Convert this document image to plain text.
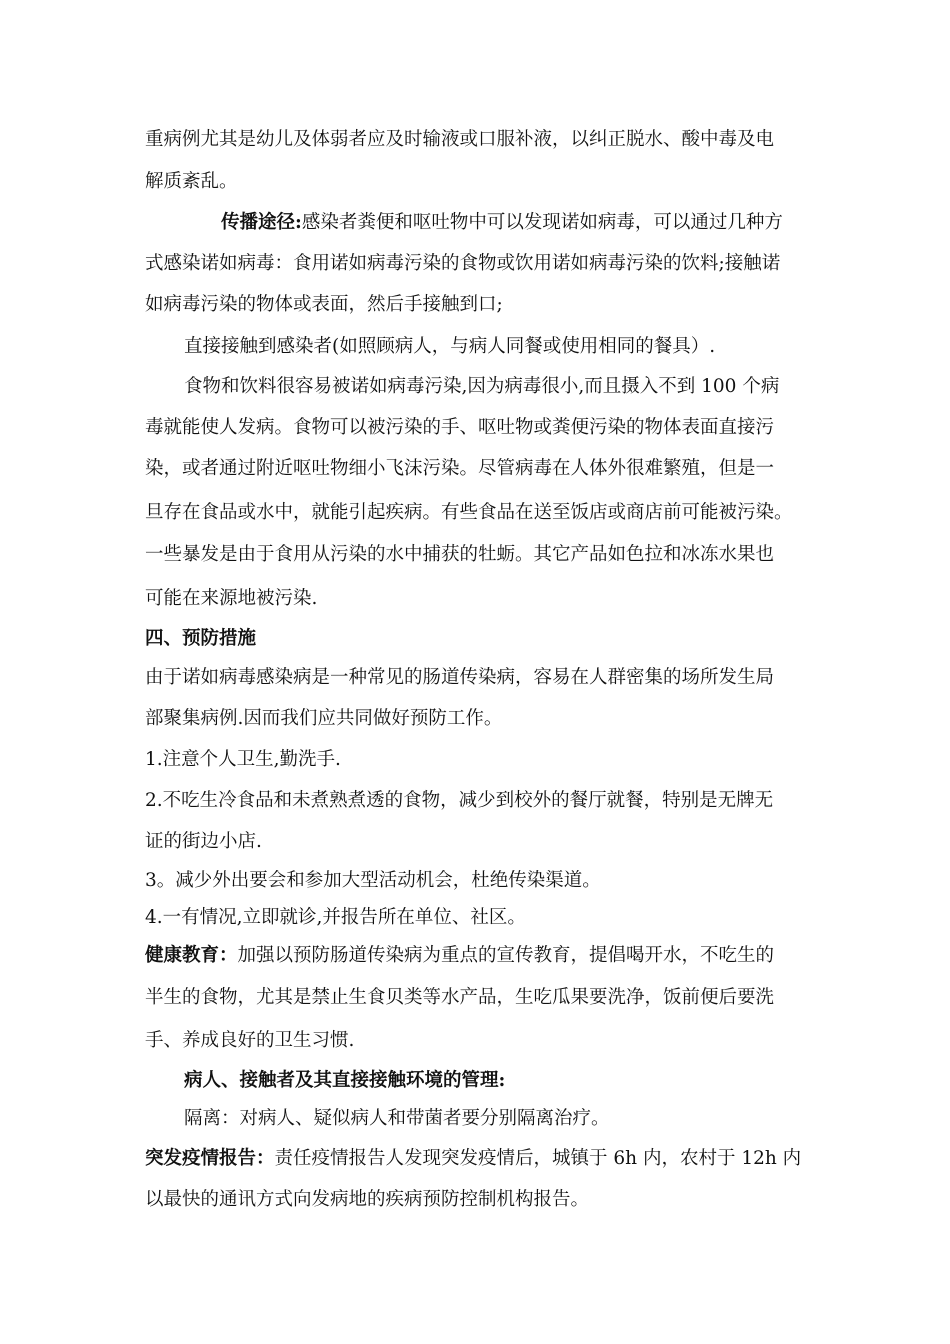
重病例尤其是幼儿及体弱者应及时输液或口服补液，以纠正脱水、酸中毒及电
解质紊乱。
传播途径:感染者粪便和呕吐物中可以发现诺如病毒，可以通过几种方
式感染诺如病毒：食用诺如病毒污染的食物或饮用诺如病毒污染的饮料;接触诺
如病毒污染的物体或表面，然后手接触到口;
直接接触到感染者(如照顾病人，与病人同餐或使用相同的餐具）.
食物和饮料很容易被诺如病毒污染,因为病毒很小,而且摄入不到 100 个病
毒就能使人发病。食物可以被污染的手、呕吐物或粪便污染的物体表面直接污
染，或者通过附近呕吐物细小飞沫污染。尽管病毒在人体外很难繁殖，但是一
旦存在食品或水中，就能引起疾病。有些食品在送至饭店或商店前可能被污染。
一些暴发是由于食用从污染的水中捕获的牡蛎。其它产品如色拉和冰冻水果也
可能在来源地被污染.
四、预防措施
由于诺如病毒感染病是一种常见的肠道传染病，容易在人群密集的场所发生局
部聚集病例.因而我们应共同做好预防工作。
1.注意个人卫生,勤洗手.
2.不吃生冷食品和未煮熟煮透的食物，减少到校外的餐厅就餐，特别是无牌无
证的街边小店.
3。减少外出要会和参加大型活动机会，杜绝传染渠道。
4.一有情况,立即就诊,并报告所在单位、社区。
健康教育：加强以预防肠道传染病为重点的宣传教育，提倡喝开水，不吃生的
半生的食物，尤其是禁止生食贝类等水产品，生吃瓜果要洗净，饭前便后要洗
手、养成良好的卫生习惯.
病人、接触者及其直接接触环境的管理:
隔离：对病人、疑似病人和带菌者要分别隔离治疗。
突发疫情报告：责任疫情报告人发现突发疫情后，城镇于 6h 内，农村于 12h 内
以最快的通讯方式向发病地的疾病预防控制机构报告。
